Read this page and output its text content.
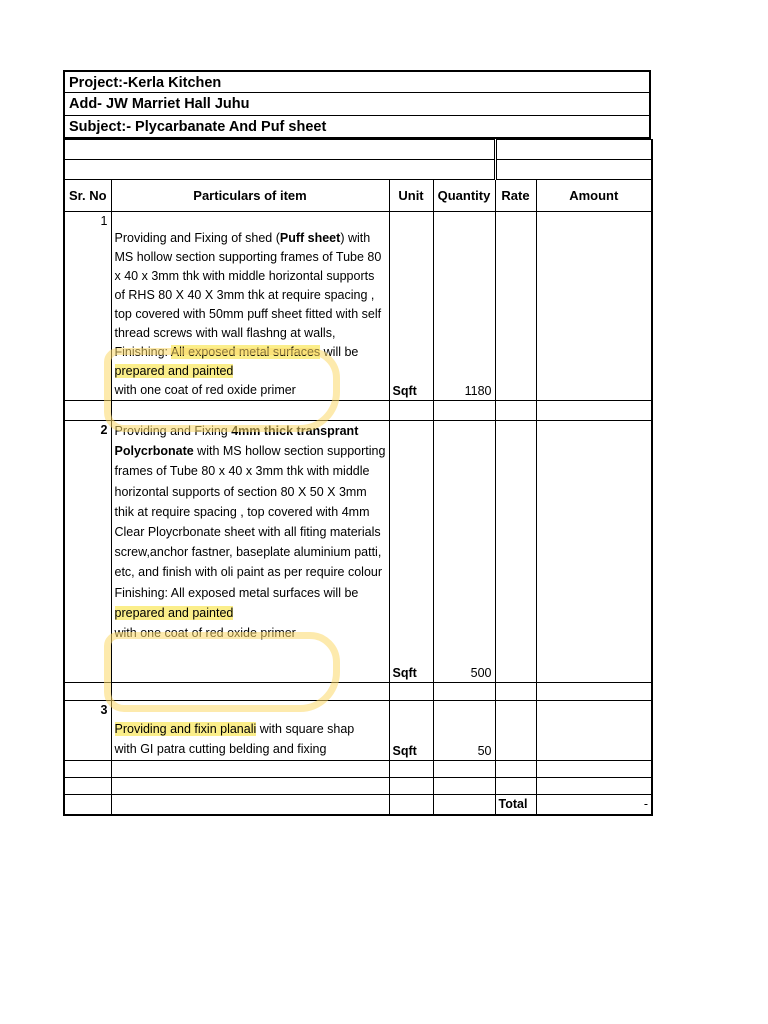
Project:-Kerla Kitchen
Add- JW Marriet Hall Juhu
Subject:- Plycarbanate And Puf sheet

Sr. No	Particulars of item	Unit	Quantity	Rate	Amount
1	Providing and Fixing of shed (Puff sheet) with MS hollow section supporting frames of Tube 80 x 40 x 3mm thk with middle horizontal supports of RHS 80 X 40 X 3mm thk at require spacing , top covered with 50mm puff sheet fitted with self thread screws with wall flashng at walls,
Finishing: All exposed metal surfaces will be
prepared and painted
with one coat of red oxide primer	Sqft	1180		

2	Providing and Fixing 4mm thick transprant Polycrbonate with MS hollow section supporting frames of Tube 80 x 40 x 3mm thk with middle horizontal supports of section 80 X 50 X 3mm thik at require spacing , top covered with 4mm Clear Ploycrbonate sheet with all fiting materials screw,anchor fastner, baseplate aluminium patti, etc, and finish with oli paint as per require colour
Finishing: All exposed metal surfaces will be
prepared and painted
with one coat of red oxide primer	Sqft	500		

3	Providing and fixin planali with square shap
with GI patra cutting belding and fixing	Sqft	50		

				Total	-
